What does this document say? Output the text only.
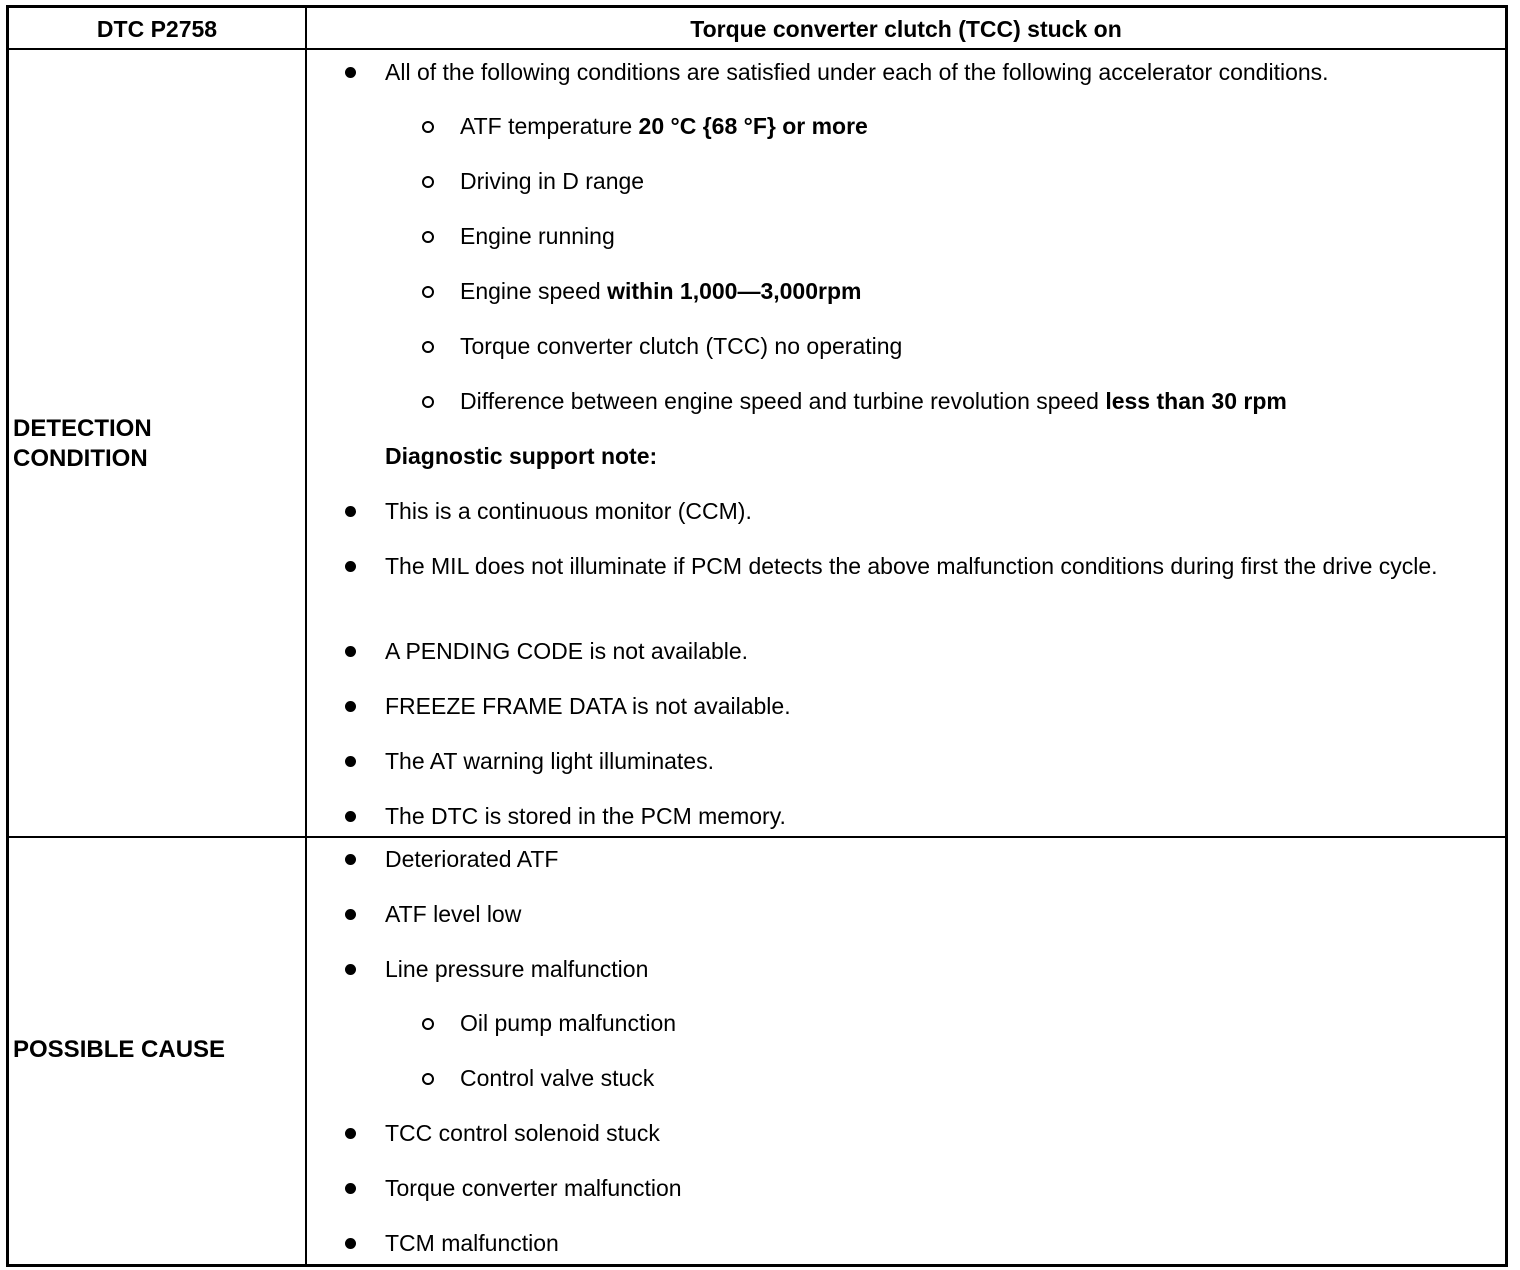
DTC P2758	Torque converter clutch (TCC) stuck on
DETECTION
CONDITION
All of the following conditions are satisfied under each of the following accelerator conditions.
ATF temperature 20 °C {68 °F} or more
Driving in D range
Engine running
Engine speed within 1,000—3,000rpm
Torque converter clutch (TCC) no operating
Difference between engine speed and turbine revolution speed less than 30 rpm
Diagnostic support note:
This is a continuous monitor (CCM).
The MIL does not illuminate if PCM detects the above malfunction conditions during first the drive cycle.
A PENDING CODE is not available.
FREEZE FRAME DATA is not available.
The AT warning light illuminates.
The DTC is stored in the PCM memory.
POSSIBLE CAUSE
Deteriorated ATF
ATF level low
Line pressure malfunction
Oil pump malfunction
Control valve stuck
TCC control solenoid stuck
Torque converter malfunction
TCM malfunction
